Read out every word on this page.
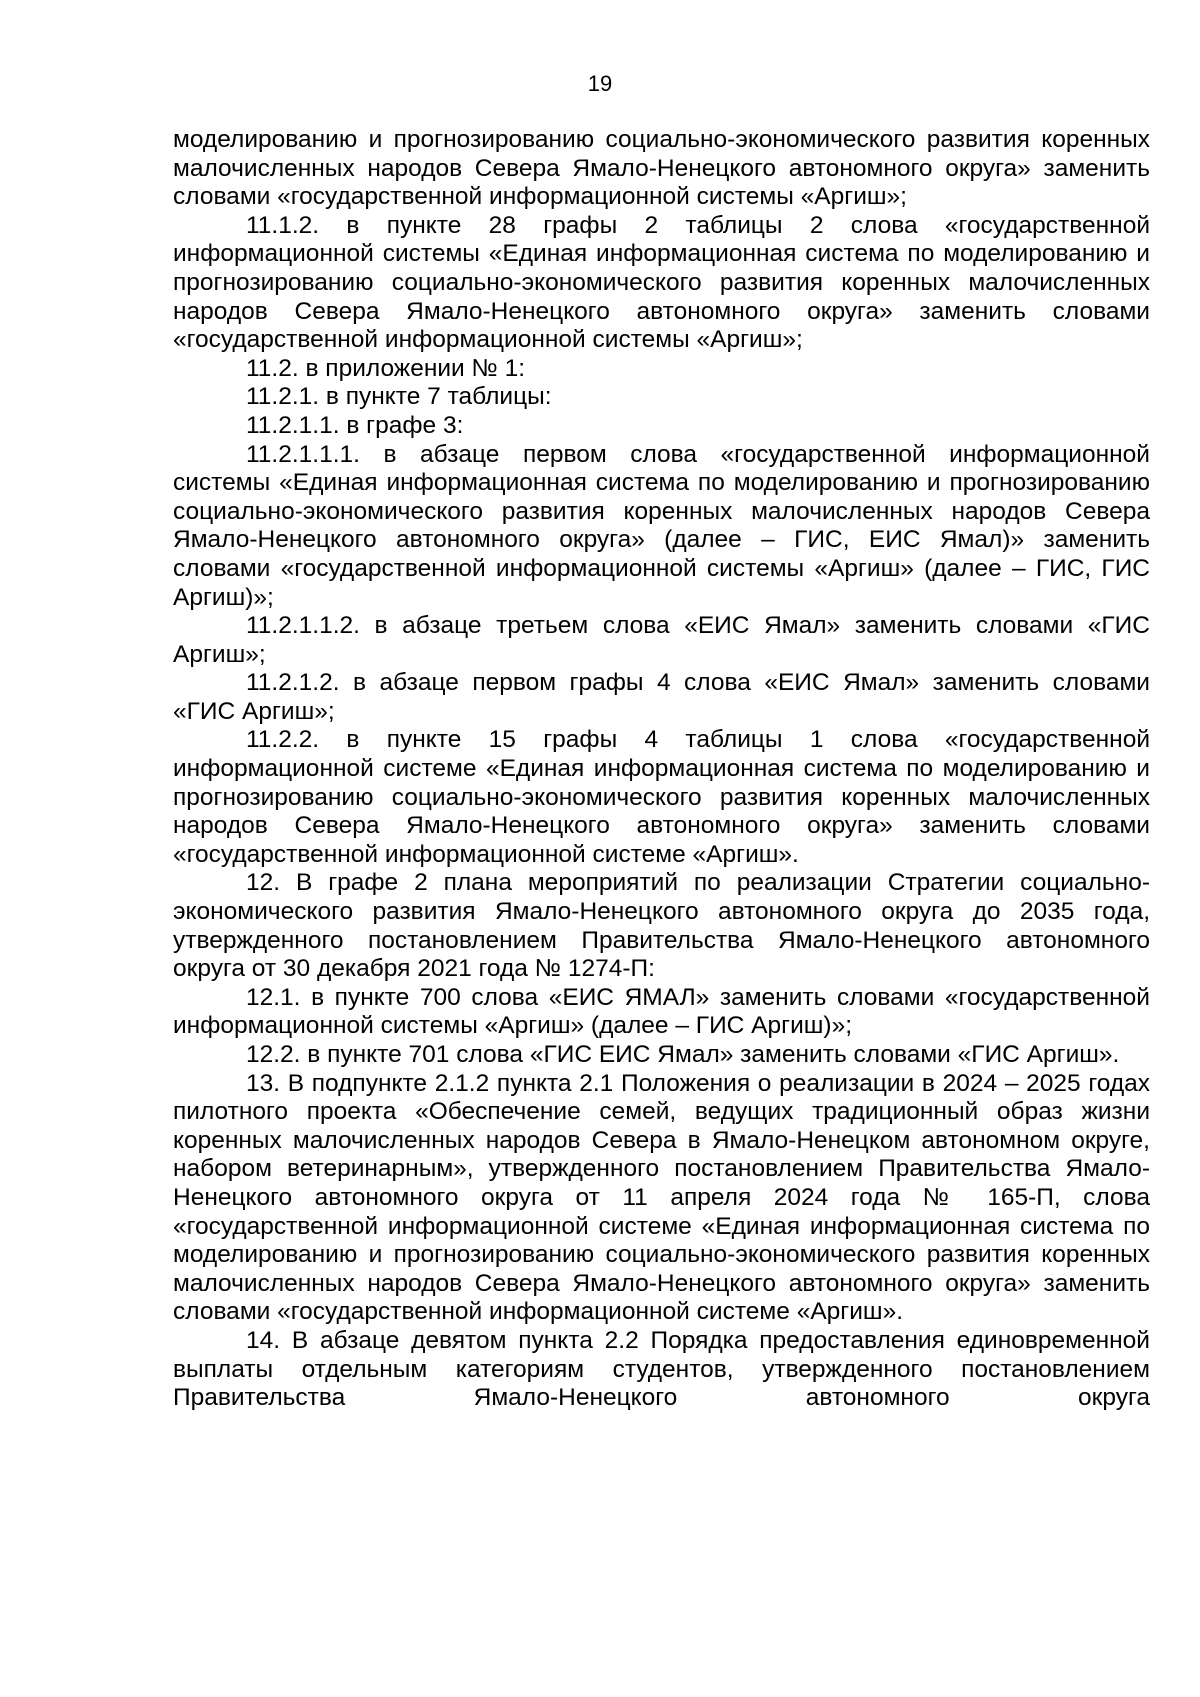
19

моделированию и прогнозированию социально-экономического развития коренных малочисленных народов Севера Ямало-Ненецкого автономного округа» заменить словами «государственной информационной системы «Аргиш»;

11.1.2. в пункте 28 графы 2 таблицы 2 слова «государственной информационной системы «Единая информационная система по моделированию и прогнозированию социально-экономического развития коренных малочисленных народов Севера Ямало-Ненецкого автономного округа» заменить словами «государственной информационной системы «Аргиш»;

11.2. в приложении № 1:

11.2.1. в пункте 7 таблицы:

11.2.1.1. в графе 3:

11.2.1.1.1. в абзаце первом слова «государственной информационной системы «Единая информационная система по моделированию и прогнозированию социально-экономического развития коренных малочисленных народов Севера Ямало-Ненецкого автономного округа» (далее – ГИС, ЕИС Ямал)» заменить словами «государственной информационной системы «Аргиш» (далее – ГИС, ГИС Аргиш)»;

11.2.1.1.2. в абзаце третьем слова «ЕИС Ямал» заменить словами «ГИС Аргиш»;

11.2.1.2. в абзаце первом графы 4 слова «ЕИС Ямал» заменить словами «ГИС Аргиш»;

11.2.2. в пункте 15 графы 4 таблицы 1 слова «государственной информационной системе «Единая информационная система по моделированию и прогнозированию социально-экономического развития коренных малочисленных народов Севера Ямало-Ненецкого автономного округа» заменить словами «государственной информационной системе «Аргиш».

12. В графе 2 плана мероприятий по реализации Стратегии социально-экономического развития Ямало-Ненецкого автономного округа до 2035 года, утвержденного постановлением Правительства Ямало-Ненецкого автономного округа от 30 декабря 2021 года № 1274-П:

12.1. в пункте 700 слова «ЕИС ЯМАЛ» заменить словами «государственной информационной системы «Аргиш» (далее – ГИС Аргиш)»;

12.2. в пункте 701 слова «ГИС ЕИС Ямал» заменить словами «ГИС Аргиш».

13. В подпункте 2.1.2 пункта 2.1 Положения о реализации в 2024 – 2025 годах пилотного проекта «Обеспечение семей, ведущих традиционный образ жизни коренных малочисленных народов Севера в Ямало-Ненецком автономном округе, набором ветеринарным», утвержденного постановлением Правительства Ямало-Ненецкого автономного округа от 11 апреля 2024 года № 165-П, слова «государственной информационной системе «Единая информационная система по моделированию и прогнозированию социально-экономического развития коренных малочисленных народов Севера Ямало-Ненецкого автономного округа» заменить словами «государственной информационной системе «Аргиш».

14. В абзаце девятом пункта 2.2 Порядка предоставления единовременной выплаты отдельным категориям студентов, утвержденного постановлением Правительства Ямало-Ненецкого автономного округа
